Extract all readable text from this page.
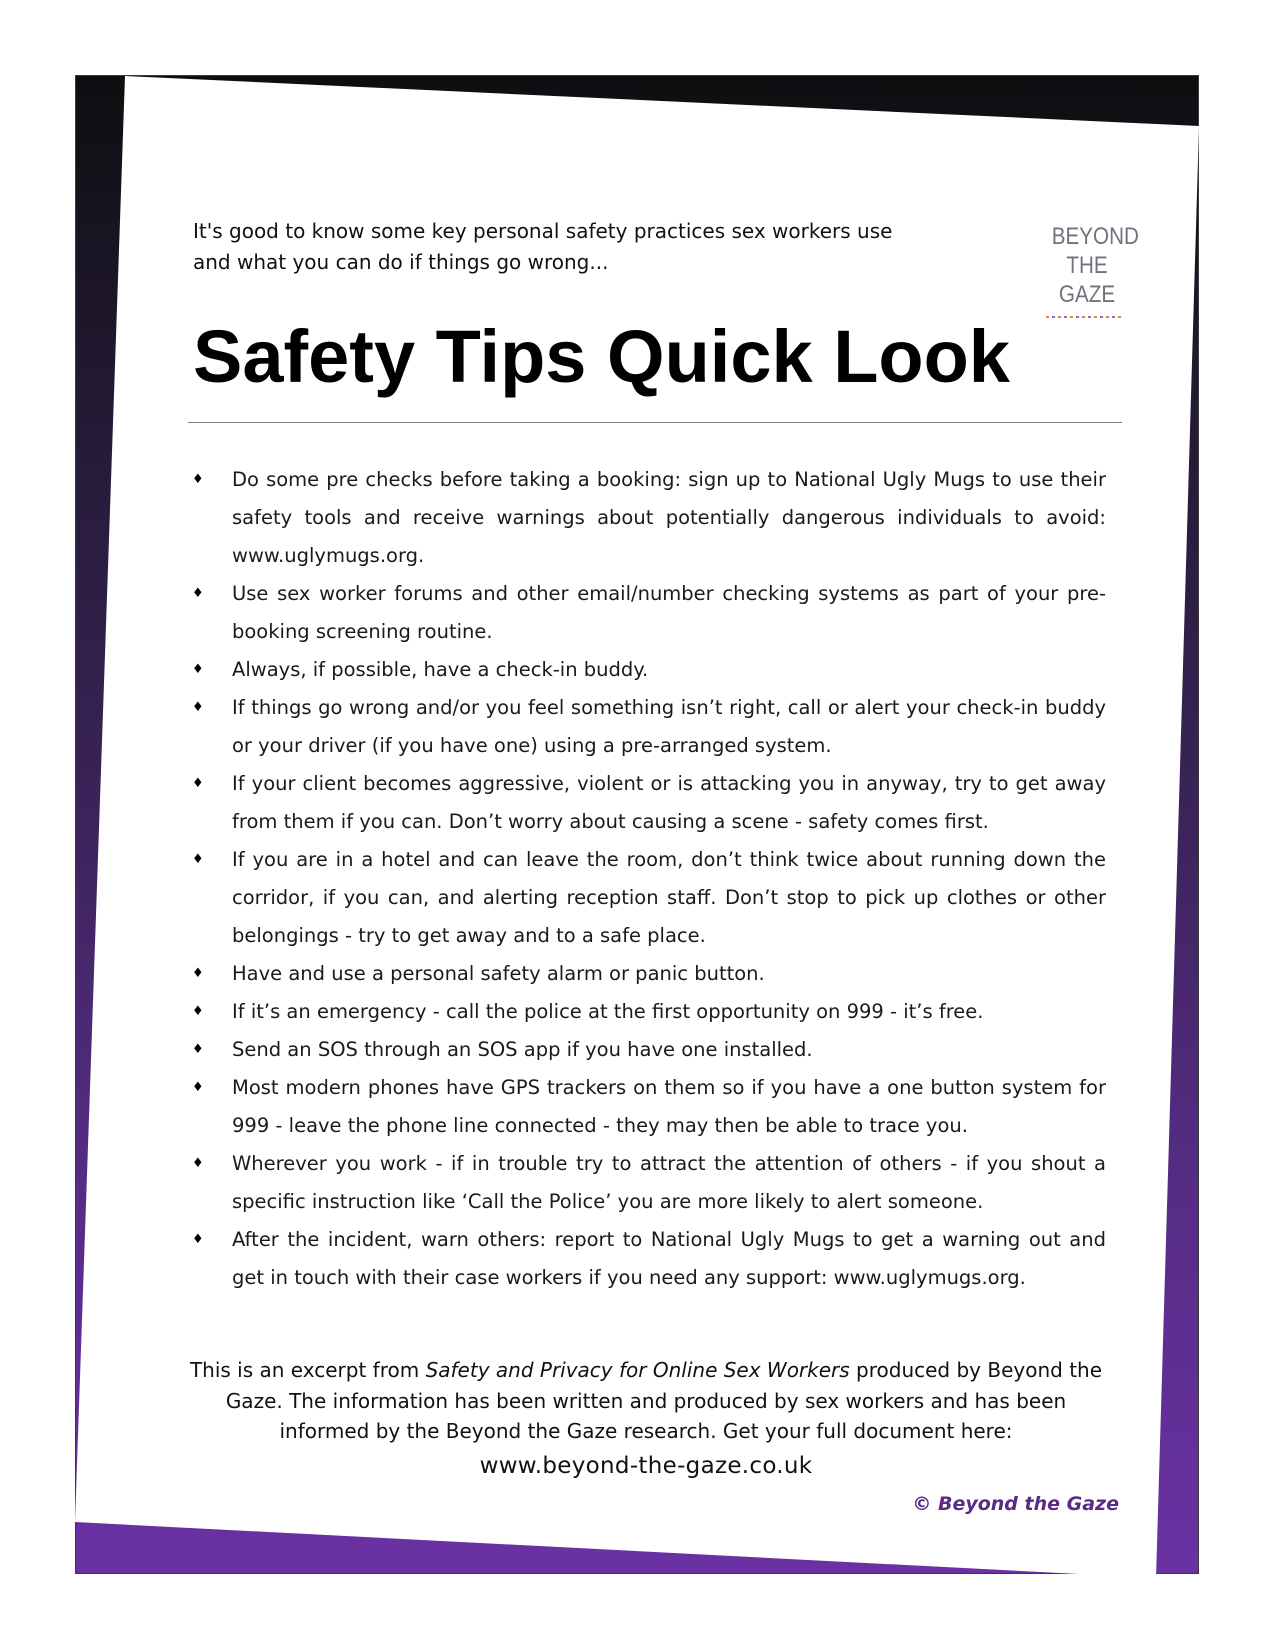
It's good to know some key personal safety practices sex workers use and what you can do if things go wrong...

BEYOND
THE
GAZE
Safety Tips Quick Look
♦ Do some pre checks before taking a booking: sign up to National Ugly Mugs to use their safety tools and receive warnings about potentially dangerous individuals to avoid: www.uglymugs.org.
♦ Use sex worker forums and other email/number checking systems as part of your pre-booking screening routine.
♦ Always, if possible, have a check-in buddy.
♦ If things go wrong and/or you feel something isn’t right, call or alert your check-in buddy or your driver (if you have one) using a pre-arranged system.
♦ If your client becomes aggressive, violent or is attacking you in anyway, try to get away from them if you can. Don’t worry about causing a scene - safety comes first.
♦ If you are in a hotel and can leave the room, don’t think twice about running down the corridor, if you can, and alerting reception staff. Don’t stop to pick up clothes or other belongings - try to get away and to a safe place.
♦ Have and use a personal safety alarm or panic button.
♦ If it’s an emergency - call the police at the first opportunity on 999 - it’s free.
♦ Send an SOS through an SOS app if you have one installed.
♦ Most modern phones have GPS trackers on them so if you have a one button system for 999 - leave the phone line connected - they may then be able to trace you.
♦ Wherever you work - if in trouble try to attract the attention of others - if you shout a specific instruction like ‘Call the Police’ you are more likely to alert someone.
♦ After the incident, warn others: report to National Ugly Mugs to get a warning out and get in touch with their case workers if you need any support: www.uglymugs.org.
This is an excerpt from Safety and Privacy for Online Sex Workers produced by Beyond the Gaze. The information has been written and produced by sex workers and has been informed by the Beyond the Gaze research. Get your full document here:
www.beyond-the-gaze.co.uk
© Beyond the Gaze
